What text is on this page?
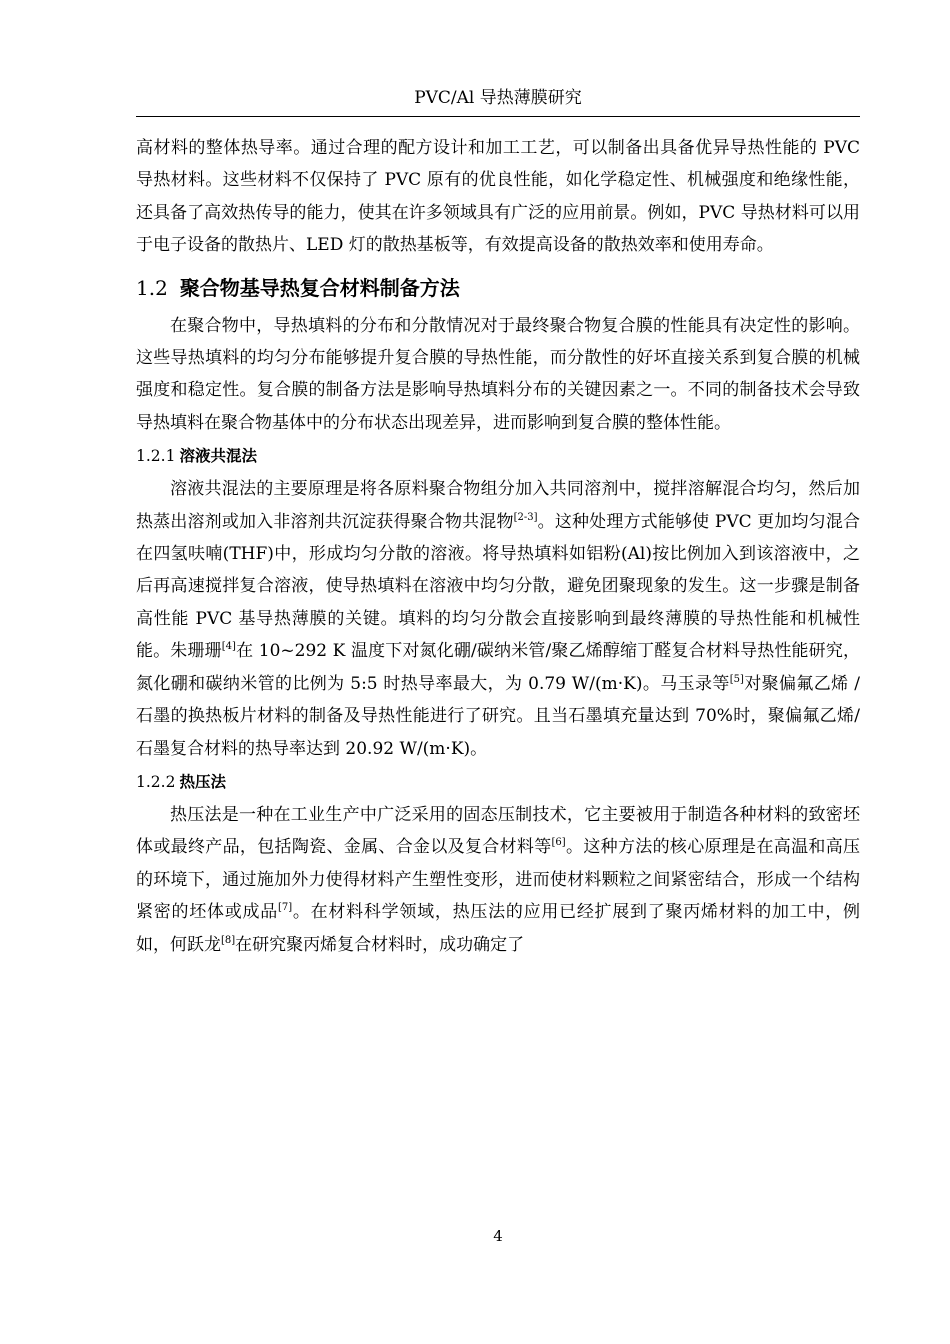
PVC/Al 导热薄膜研究

高材料的整体热导率。通过合理的配方设计和加工工艺，可以制备出具备优异导热性能的 PVC 导热材料。这些材料不仅保持了 PVC 原有的优良性能，如化学稳定性、机械强度和绝缘性能，还具备了高效热传导的能力，使其在许多领域具有广泛的应用前景。例如，PVC 导热材料可以用于电子设备的散热片、LED 灯的散热基板等，有效提高设备的散热效率和使用寿命。

1.2 聚合物基导热复合材料制备方法

在聚合物中，导热填料的分布和分散情况对于最终聚合物复合膜的性能具有决定性的影响。这些导热填料的均匀分布能够提升复合膜的导热性能，而分散性的好坏直接关系到复合膜的机械强度和稳定性。复合膜的制备方法是影响导热填料分布的关键因素之一。不同的制备技术会导致导热填料在聚合物基体中的分布状态出现差异，进而影响到复合膜的整体性能。

1.2.1 溶液共混法

溶液共混法的主要原理是将各原料聚合物组分加入共同溶剂中，搅拌溶解混合均匀，然后加热蒸出溶剂或加入非溶剂共沉淀获得聚合物共混物[2-3]。这种处理方式能够使 PVC 更加均匀混合在四氢呋喃(THF)中，形成均匀分散的溶液。将导热填料如铝粉(Al)按比例加入到该溶液中，之后再高速搅拌复合溶液，使导热填料在溶液中均匀分散，避免团聚现象的发生。这一步骤是制备高性能 PVC 基导热薄膜的关键。填料的均匀分散会直接影响到最终薄膜的导热性能和机械性能。朱珊珊[4]在 10~292 K 温度下对氮化硼/碳纳米管/聚乙烯醇缩丁醛复合材料导热性能研究，氮化硼和碳纳米管的比例为 5:5 时热导率最大，为 0.79 W/(m·K)。马玉录等[5]对聚偏氟乙烯 / 石墨的换热板片材料的制备及导热性能进行了研究。且当石墨填充量达到 70%时，聚偏氟乙烯/石墨复合材料的热导率达到 20.92 W/(m·K)。

1.2.2 热压法

热压法是一种在工业生产中广泛采用的固态压制技术，它主要被用于制造各种材料的致密坯体或最终产品，包括陶瓷、金属、合金以及复合材料等[6]。这种方法的核心原理是在高温和高压的环境下，通过施加外力使得材料产生塑性变形，进而使材料颗粒之间紧密结合，形成一个结构紧密的坯体或成品[7]。在材料科学领域，热压法的应用已经扩展到了聚丙烯材料的加工中，例如，何跃龙[8]在研究聚丙烯复合材料时，成功确定了

4
